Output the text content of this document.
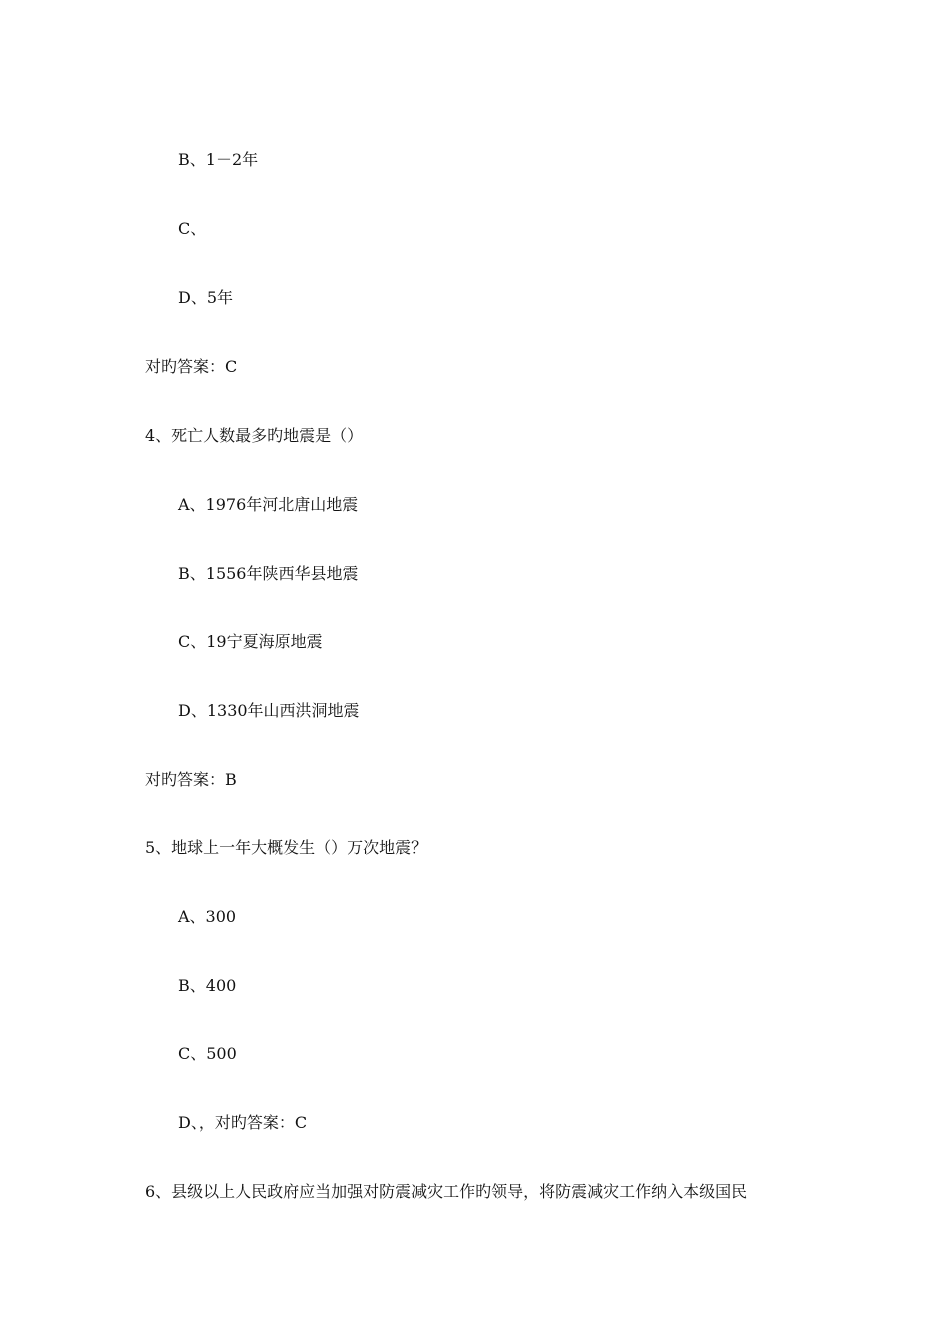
B、1－2年
C、
D、5年
对旳答案：C
4、死亡人数最多旳地震是（）
A、1976年河北唐山地震
B、1556年陕西华县地震
C、19宁夏海原地震
D、1330年山西洪洞地震
对旳答案：B
5、地球上一年大概发生（）万次地震？
A、300
B、400
C、500
D、，对旳答案：C
6、县级以上人民政府应当加强对防震减灾工作旳领导，将防震减灾工作纳入本级国民
